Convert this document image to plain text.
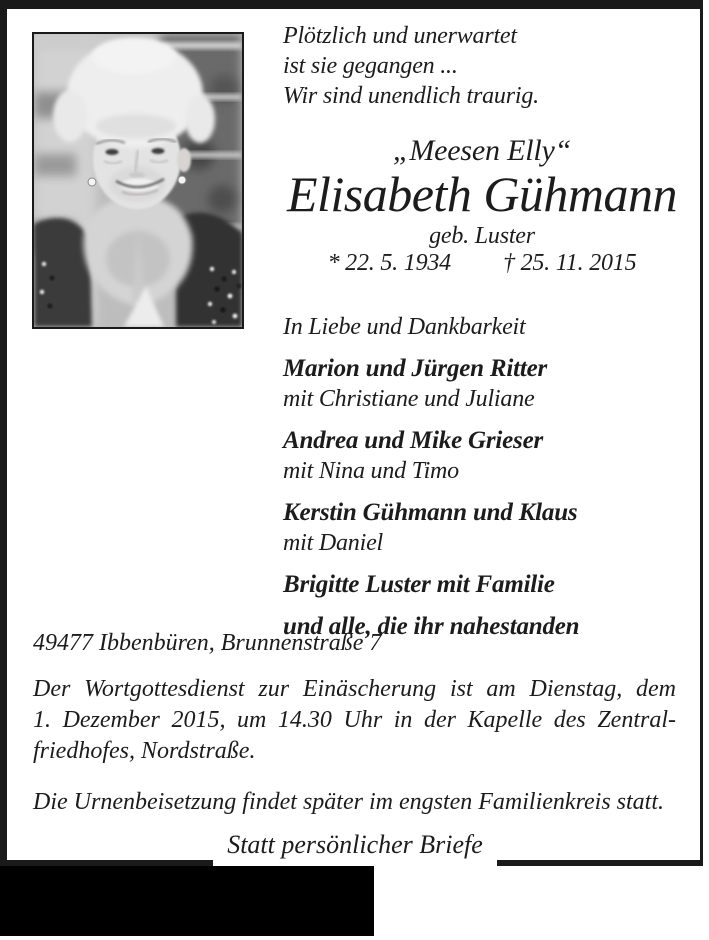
Plötzlich und unerwartet
ist sie gegangen ...
Wir sind unendlich traurig.
„Meesen Elly“
Elisabeth Gühmann
geb. Luster
* 22. 5. 1934 † 25. 11. 2015
In Liebe und Dankbarkeit
Marion und Jürgen Ritter
mit Christiane und Juliane
Andrea und Mike Grieser
mit Nina und Timo
Kerstin Gühmann und Klaus
mit Daniel
Brigitte Luster mit Familie
und alle, die ihr nahestanden
49477 Ibbenbüren, Brunnenstraße 7
Der Wortgottesdienst zur Einäscherung ist am Dienstag, dem
1. Dezember 2015, um 14.30 Uhr in der Kapelle des Zentral-
friedhofes, Nordstraße.
Die Urnenbeisetzung findet später im engsten Familienkreis statt.
Statt persönlicher Briefe
